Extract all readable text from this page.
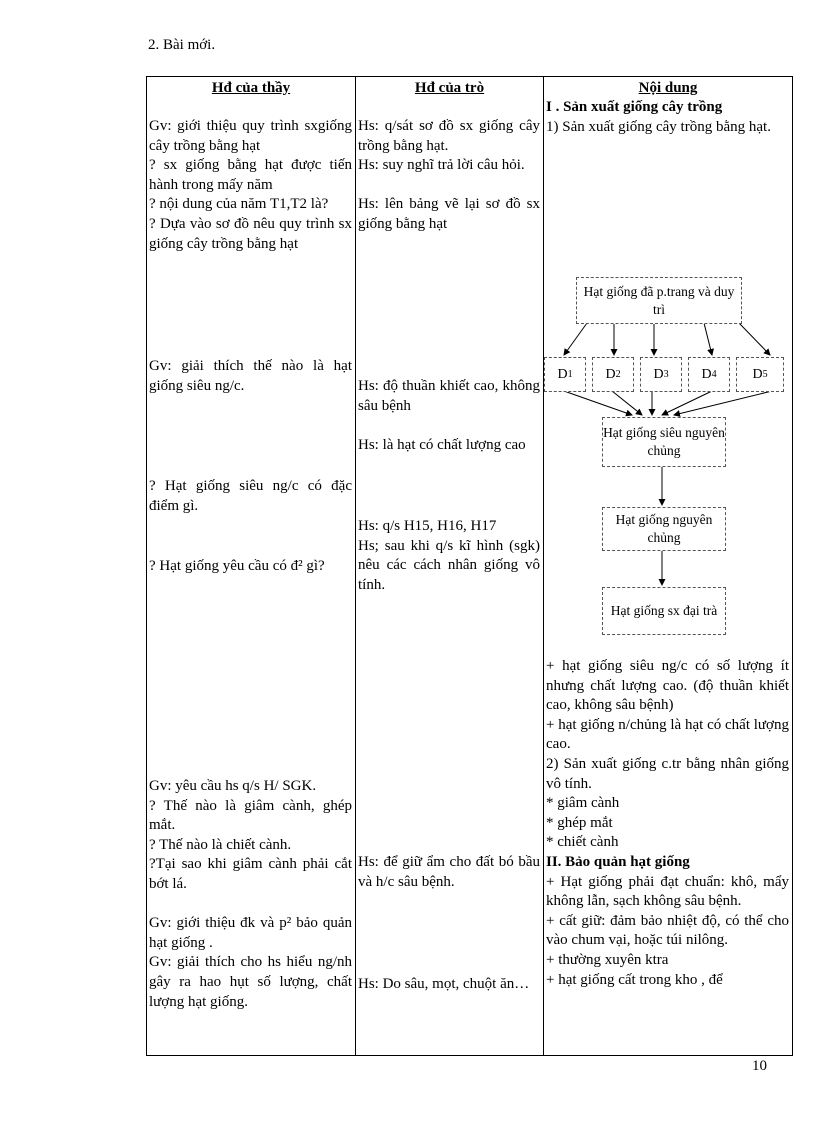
2. Bài mới.
Hđ của thầy
Gv: giới thiệu quy trình sxgiống cây trồng bằng hạt
? sx giống bằng hạt được tiến hành trong mấy năm
? nội dung của năm T1,T2 là?
? Dựa vào sơ đồ nêu quy trình sx giống cây trồng bằng hạt
Gv: giải thích thế nào là hạt giống siêu ng/c.
? Hạt giống siêu ng/c có đặc điểm gì.
? Hạt giống yêu cầu có đ² gì?
Gv: yêu cầu hs q/s H/ SGK.
? Thế nào là giâm cành, ghép mắt.
? Thế nào là chiết cành.
?Tại sao khi giâm cành phải cắt bớt lá.
Gv: giới thiệu đk và p² bảo quản hạt giống .
Gv: giải thích cho hs hiểu ng/nh gây ra hao hụt số lượng, chất lượng hạt giống.

Hđ của trò
Hs: q/sát sơ đồ sx giống cây trồng bằng hạt.
Hs: suy nghĩ trả lời câu hỏi.
Hs: lên bảng vẽ lại sơ đồ sx giống bằng hạt
Hs: độ thuần khiết cao, không sâu bệnh
Hs: là hạt có chất lượng cao
Hs: q/s H15, H16, H17
Hs; sau khi q/s kĩ hình (sgk) nêu các cách nhân giống vô tính.
Hs: để giữ ẩm cho đất bó bầu và h/c sâu bệnh.
Hs: Do sâu, mọt, chuột ăn…

Nội dung
I . Sản xuất giống cây trồng
1) Sản xuất giống cây trồng bằng hạt.
Hạt giống đã p.trang và duy trì
D 1 D 2 D 3 D 4	D 5
Hạt giống siêu nguyên chủng
Hạt giống nguyên chủng
Hạt giống sx đại trà
+ hạt giống siêu ng/c có số lượng ít nhưng chất lượng cao. (độ thuần khiết cao, không sâu bệnh)
+ hạt giống n/chủng là hạt có chất lượng cao.
2) Sản xuất giống c.tr bằng nhân giống vô tính.
* giâm cành
* ghép mắt
* chiết cành
II. Bảo quản hạt giống
+ Hạt giống phải đạt chuẩn: khô, mẩy không lẫn, sạch không sâu bệnh.
+ cất giữ: đảm bảo nhiệt độ, có thể cho vào chum vại, hoặc túi nilông.
+ thường xuyên ktra
+ hạt giống cất trong kho , để
10
